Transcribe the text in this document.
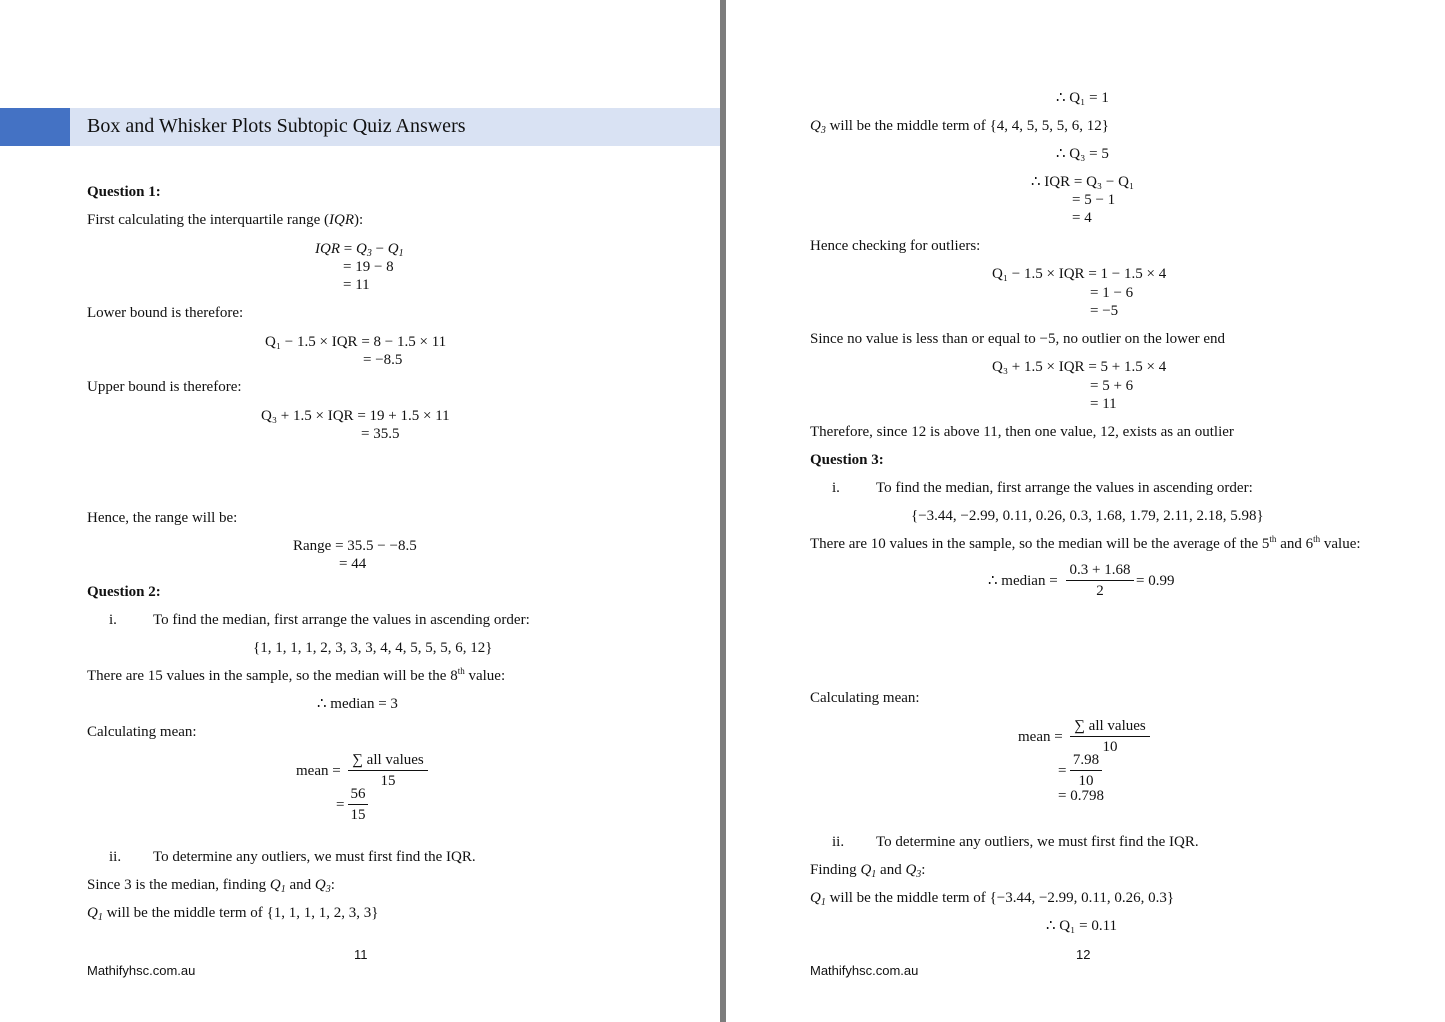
Box and Whisker Plots Subtopic Quiz Answers
Question 1:
First calculating the interquartile range (IQR):
IQR = $Q_3 - Q_1$
= 19 − 8
= 11
Lower bound is therefore:
Q₁ − 1.5 × IQR = 8 − 1.5 × 11
= −8.5
Upper bound is therefore:
Q₃ + 1.5 × IQR = 19 + 1.5 × 11
= 35.5
Hence, the range will be:
Range = 35.5 − −8.5
= 44
Question 2:
i. To find the median, first arrange the values in ascending order:
{1, 1, 1, 1, 2, 3, 3, 3, 4, 4, 5, 5, 5, 6, 12}
There are 15 values in the sample, so the median will be the 8th value:
∴ median = 3
Calculating mean:
mean =
∑ all values
15
= $\frac{56}{15}$
ii. To determine any outliers, we must first find the IQR.
Since 3 is the median, finding $Q_1$ and $Q_3$:
$Q_1$ will be the middle term of {1, 1, 1, 1, 2, 3, 3}
11
Mathifyhsc.com.au
∴ Q₁ = 1
$Q_3$ will be the middle term of {4, 4, 5, 5, 5, 6, 12}
∴ Q₃ = 5
∴ IQR = Q₃ − Q₁
= 5 − 1
= 4
Hence checking for outliers:
Q₁ − 1.5 × IQR = 1 − 1.5 × 4
= 1 − 6
= −5
Since no value is less than or equal to −5, no outlier on the lower end
Q₃ + 1.5 × IQR = 5 + 1.5 × 4
= 5 + 6
= 11
Therefore, since 12 is above 11, then one value, 12, exists as an outlier
Question 3:
i. To find the median, first arrange the values in ascending order:
{−3.44, −2.99, 0.11, 0.26, 0.3, 1.68, 1.79, 2.11, 2.18, 5.98}
There are 10 values in the sample, so the median will be the average of the 5th and 6th value:
∴ median = $\frac{0.3 + 1.68}{2} = 0.99$
Calculating mean:
mean =
∑ all values
10
= $\frac{7.98}{10}$
= 0.798
ii. To determine any outliers, we must first find the IQR.
Finding $Q_1$ and $Q_3$:
$Q_1$ will be the middle term of {−3.44, −2.99, 0.11, 0.26, 0.3}
∴ Q₁ = 0.11
12
Mathifyhsc.com.au
